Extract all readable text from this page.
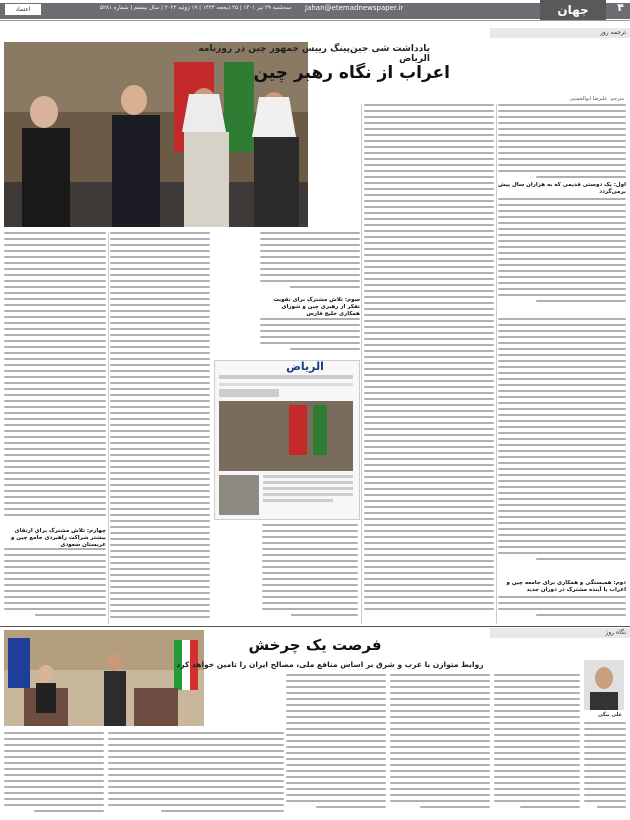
۴
جهان
Jahan@etemadnewspaper.ir
سه‌شنبه ۲۹ تیر ۱۴۰۱ | ۲۵ ذیحجه ۱۴۴۳ | ۱۹ ژوئیه ۲۰۲۲ | سال بیستم | شماره ۵۲۸۱
اعتماد
ترجمه روز
یادداشت شی جین‌پینگ رییس جمهور چین در روزنامه الریاض
اعراب از نگاه رهبر چین
مترجم: علیرضا ابوالحسنی
اول: یک دوستی قدیمی که به هزاران سال پیش برمی‌گردد
دوم: همبستگی و همکاری برای جامعه چین و اعراب با آینده مشترک در دوران جدید
سوم: تلاش مشترک برای تقویت تفکر از رهبری چین و شورای همکاری خلیج فارس
الرياض
چهارم: تلاش مشترک برای ارتقای بیشتر شراکت راهبردی جامع چین و عربستان سعودی
نگاه روز
فرصت یک چرخش
روابط متوازن با غرب و شرق بر اساس منافع ملی، مصالح ایران را تامین خواهد کرد
علی بیگی
